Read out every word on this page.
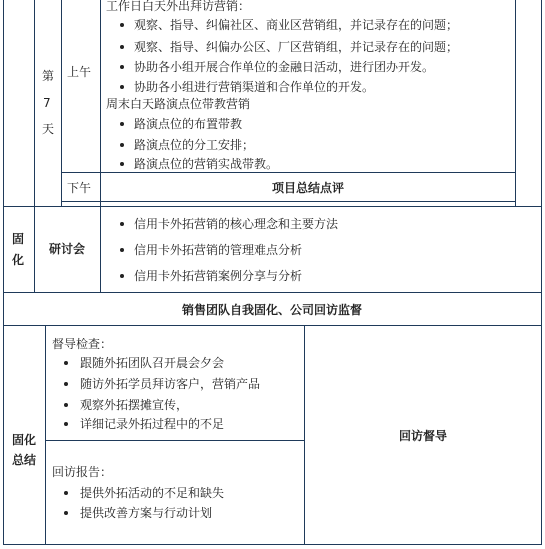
第
7
天
上午
工作日白天外出拜访营销：
观察、指导、纠偏社区、商业区营销组，并记录存在的问题；
观察、指导、纠偏办公区、厂区营销组，并记录存在的问题；
协助各小组开展合作单位的金融日活动，进行团办开发。
协助各小组进行营销渠道和合作单位的开发。
周末白天路演点位带教营销
路演点位的布置带教
路演点位的分工安排；
路演点位的营销实战带教。
下午	项目总结点评
固
化
研讨会
信用卡外拓营销的核心理念和主要方法
信用卡外拓营销的管理难点分析
信用卡外拓营销案例分享与分析
销售团队自我固化、公司回访监督
固化
总结
督导检查：
跟随外拓团队召开晨会夕会
随访外拓学员拜访客户，营销产品
观察外拓摆摊宣传，
详细记录外拓过程中的不足
回访报告：
提供外拓活动的不足和缺失
提供改善方案与行动计划
回访督导
